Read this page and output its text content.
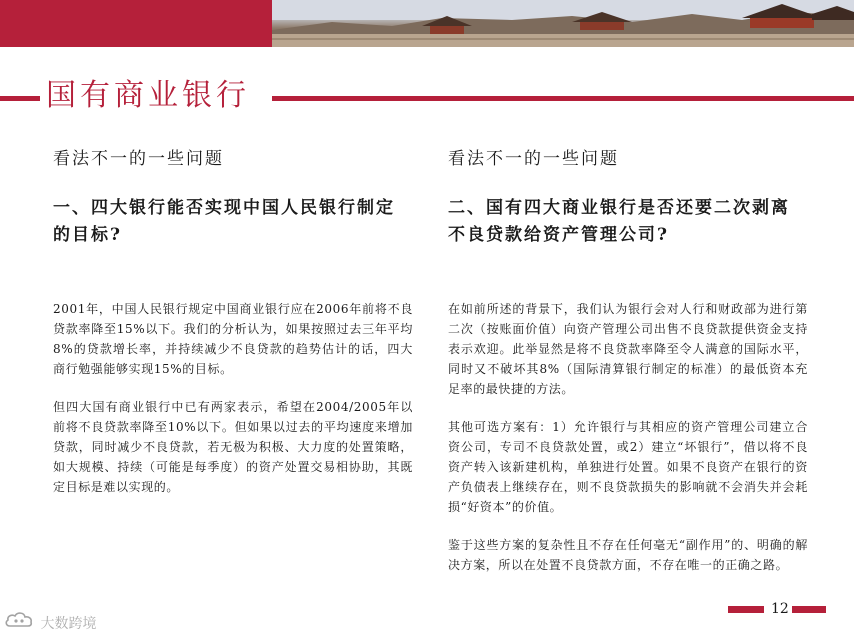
国有商业银行
看法不一的一些问题
一、四大银行能否实现中国人民银行制定的目标?

2001年，中国人民银行规定中国商业银行应在2006年前将不良贷款率降至15%以下。我们的分析认为，如果按照过去三年平均8%的贷款增长率，并持续减少不良贷款的趋势估计的话，四大商行勉强能够实现15%的目标。

但四大国有商业银行中已有两家表示，希望在2004/2005年以前将不良贷款率降至10%以下。但如果以过去的平均速度来增加贷款，同时减少不良贷款，若无极为积极、大力度的处置策略，如大规模、持续（可能是每季度）的资产处置交易相协助，其既定目标是难以实现的。

看法不一的一些问题
二、国有四大商业银行是否还要二次剥离不良贷款给资产管理公司?

在如前所述的背景下，我们认为银行会对人行和财政部为进行第二次（按账面价值）向资产管理公司出售不良贷款提供资金支持表示欢迎。此举显然是将不良贷款率降至令人满意的国际水平，同时又不破坏其8%（国际清算银行制定的标准）的最低资本充足率的最快捷的方法。

其他可选方案有：1）允许银行与其相应的资产管理公司建立合资公司，专司不良贷款处置，或2）建立“坏银行”，借以将不良资产转入该新建机构，单独进行处置。如果不良资产在银行的资产负债表上继续存在，则不良贷款损失的影响就不会消失并会耗损“好资本”的价值。

鉴于这些方案的复杂性且不存在任何毫无“副作用”的、明确的解决方案，所以在处置不良贷款方面，不存在唯一的正确之路。

12
大数跨境
